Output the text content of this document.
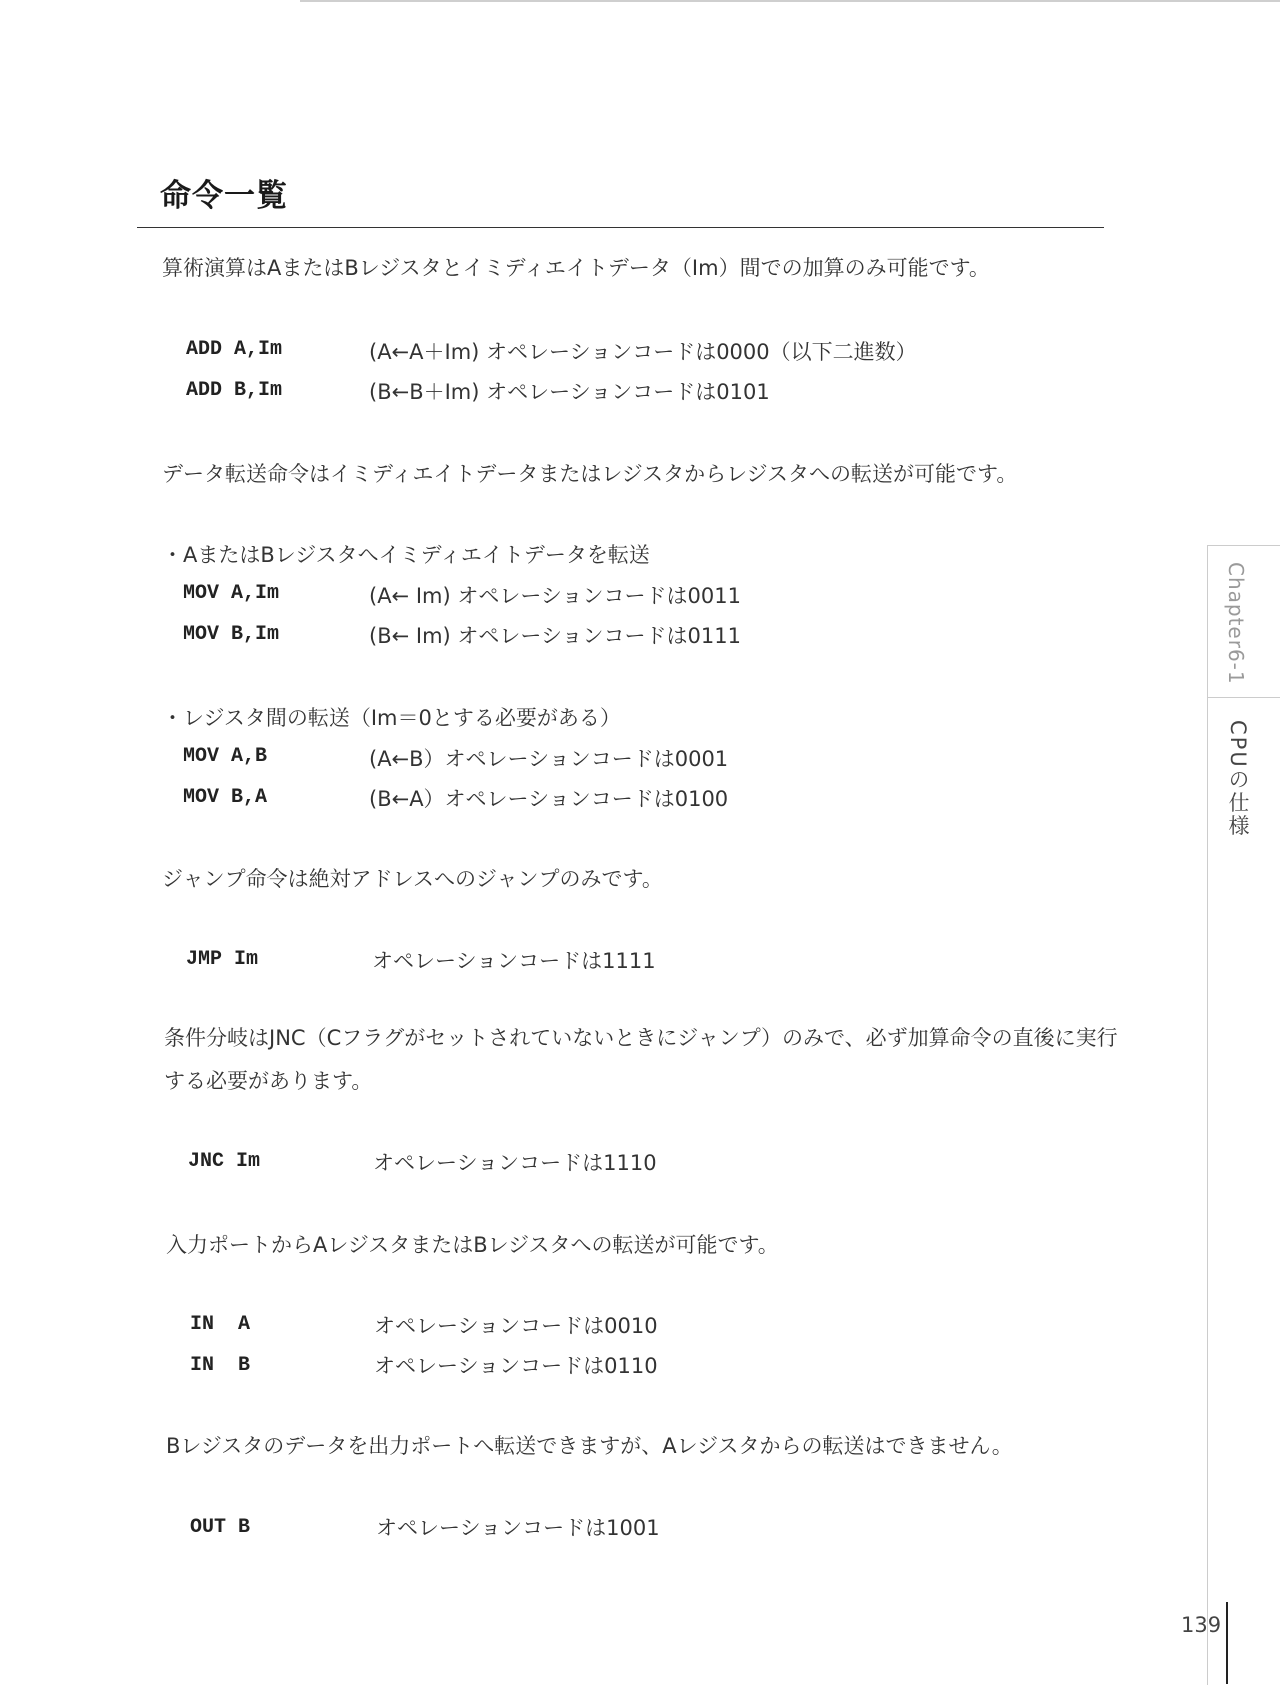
命令一覧
算術演算はAまたはBレジスタとイミディエイトデータ（Im）間での加算のみ可能です。
ADD A,Im	(A←A＋Im) オペレーションコードは0000（以下二進数）
ADD B,Im	(B←B＋Im) オペレーションコードは0101
データ転送命令はイミディエイトデータまたはレジスタからレジスタへの転送が可能です。
・AまたはBレジスタへイミディエイトデータを転送
MOV A,Im	(A← Im) オペレーションコードは0011
MOV B,Im	(B← Im) オペレーションコードは0111
・レジスタ間の転送（Im＝0とする必要がある）
MOV A,B	(A←B）オペレーションコードは0001
MOV B,A	(B←A）オペレーションコードは0100
ジャンプ命令は絶対アドレスへのジャンプのみです。
JMP Im	オペレーションコードは1111
条件分岐はJNC（Cフラグがセットされていないときにジャンプ）のみで、必ず加算命令の直後に実行する必要があります。
JNC Im	オペレーションコードは1110
入力ポートからAレジスタまたはBレジスタへの転送が可能です。
IN  A	オペレーションコードは0010
IN  B	オペレーションコードは0110
Bレジスタのデータを出力ポートへ転送できますが、Aレジスタからの転送はできません。
OUT B	オペレーションコードは1001
Chapter6-1
CPUの仕様
139
